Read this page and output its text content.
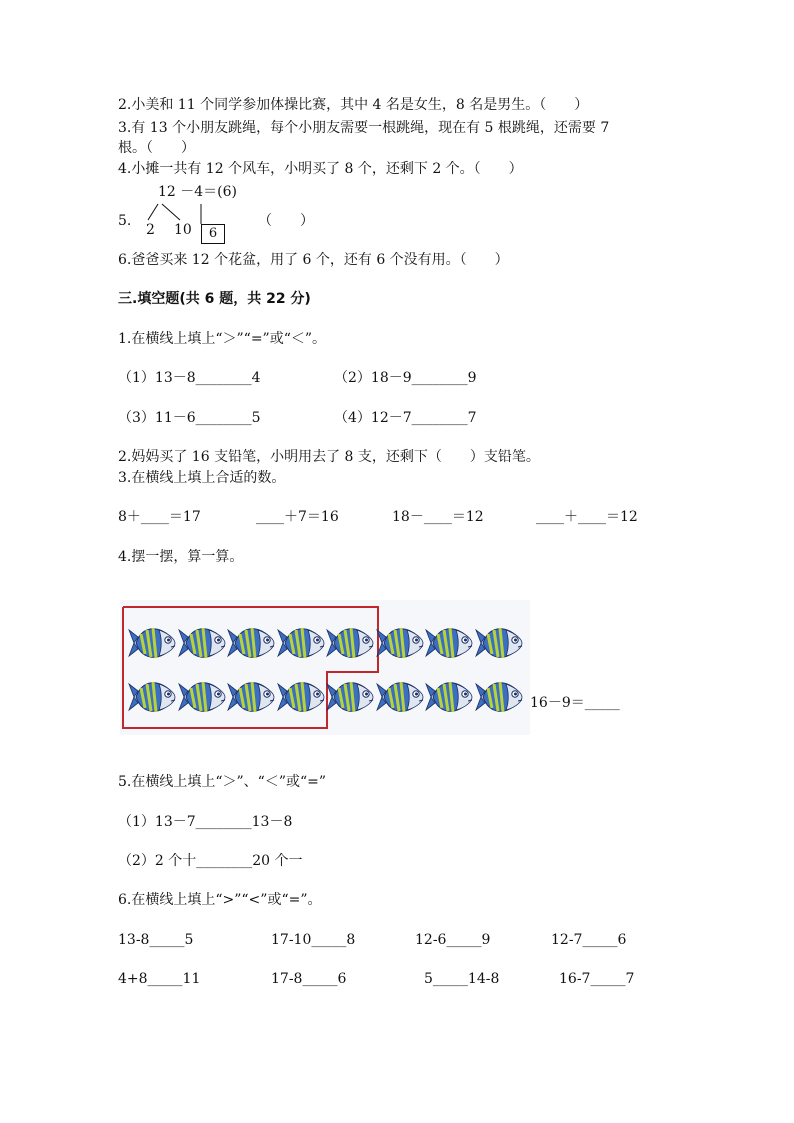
2.小美和 11 个同学参加体操比赛，其中 4 名是女生，8 名是男生。（　　）
3.有 13 个小朋友跳绳，每个小朋友需要一根跳绳，现在有 5 根跳绳，还需要 7
根。（　　）
4.小摊一共有 12 个风车，小明买了 8 个，还剩下 2 个。（　　）
5.
12 －4＝(6)
2 10	6
（　　）
6.爸爸买来 12 个花盆，用了 6 个，还有 6 个没有用。（　　）
三.填空题(共 6 题，共 22 分)
1.在横线上填上“＞”“=”或“＜”。
（1）13－8________4	（2）18－9________9
（3）11－6________5	（4）12－7________7
2.妈妈买了 16 支铅笔，小明用去了 8 支，还剩下（　　）支铅笔。
3.在横线上填上合适的数。
8＋____＝17	____＋7＝16	18－____＝12	____＋____＝12
4.摆一摆，算一算。
16－9＝_____
5.在横线上填上“＞”、“＜”或“=”
（1）13－7________13－8
（2）2 个十________20 个一
6.在横线上填上“>”“<”或“=”。
13-8_____5	17-10_____8	12-6_____9	12-7_____6
4+8_____11	17-8_____6	5_____14-8	16-7_____7
